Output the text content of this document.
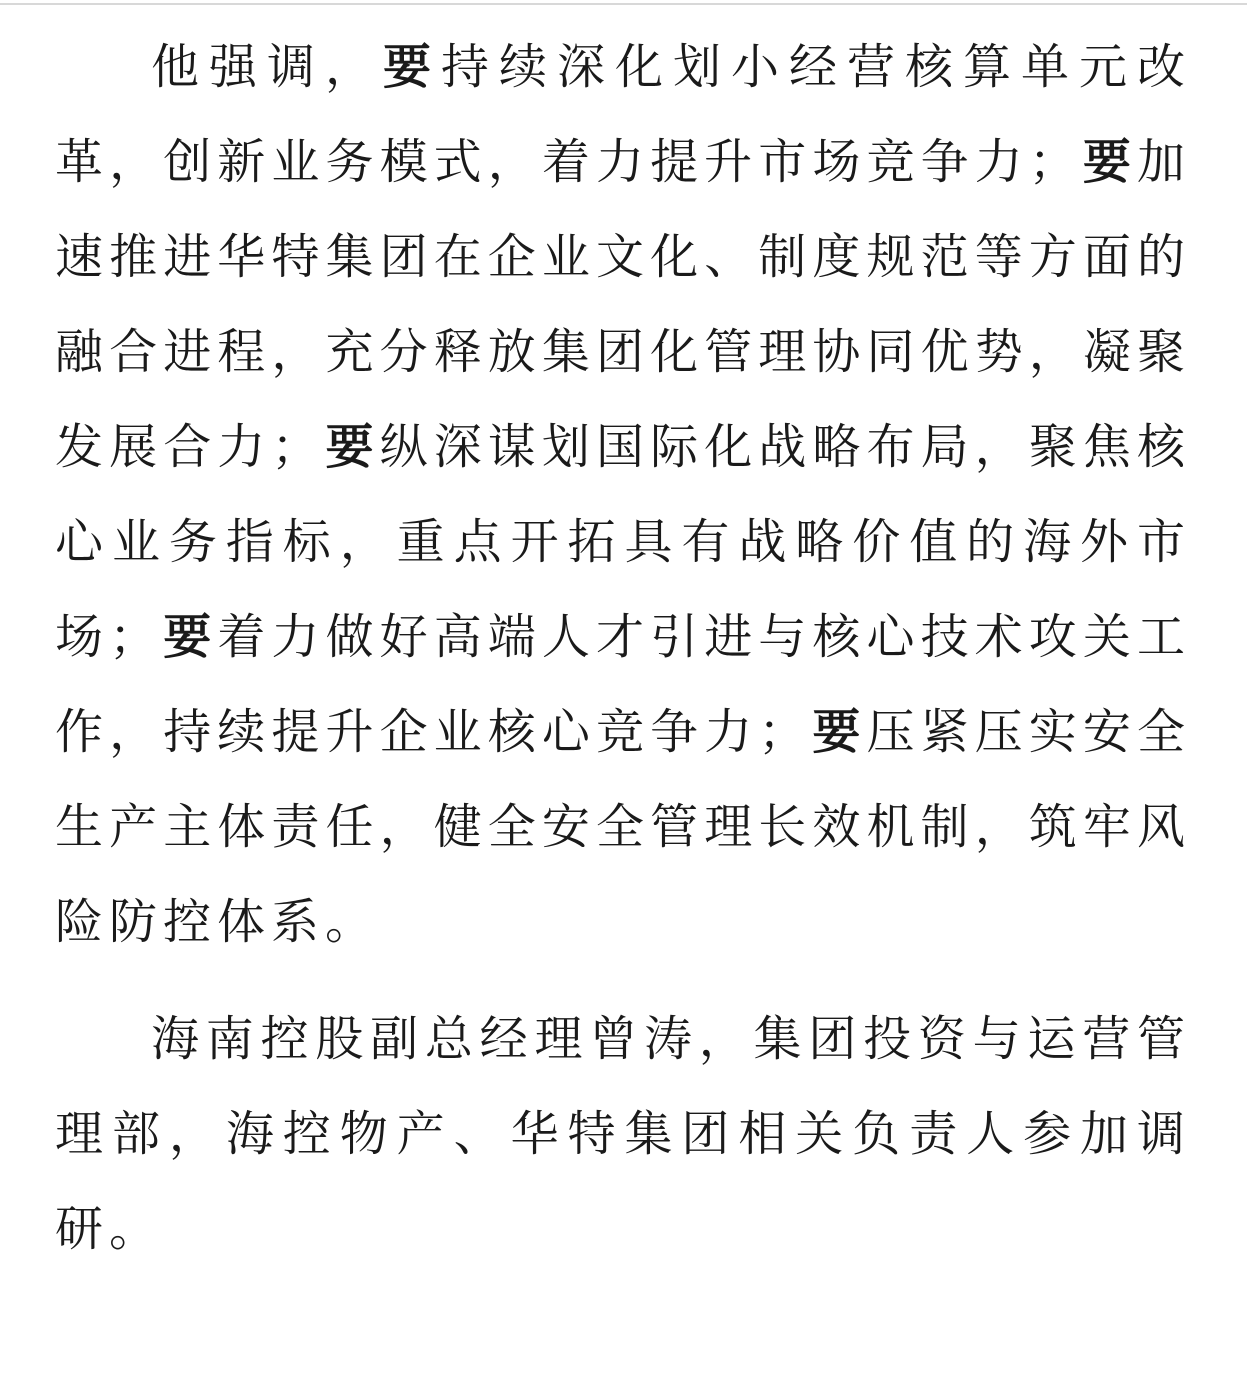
他强调，要持续深化划小经营核算单元改革，创新业务模式，着力提升市场竞争力；要加速推进华特集团在企业文化、制度规范等方面的融合进程，充分释放集团化管理协同优势，凝聚发展合力；要纵深谋划国际化战略布局，聚焦核心业务指标，重点开拓具有战略价值的海外市场；要着力做好高端人才引进与核心技术攻关工作，持续提升企业核心竞争力；要压紧压实安全生产主体责任，健全安全管理长效机制，筑牢风险防控体系。

海南控股副总经理曾涛，集团投资与运营管理部，海控物产、华特集团相关负责人参加调研。
